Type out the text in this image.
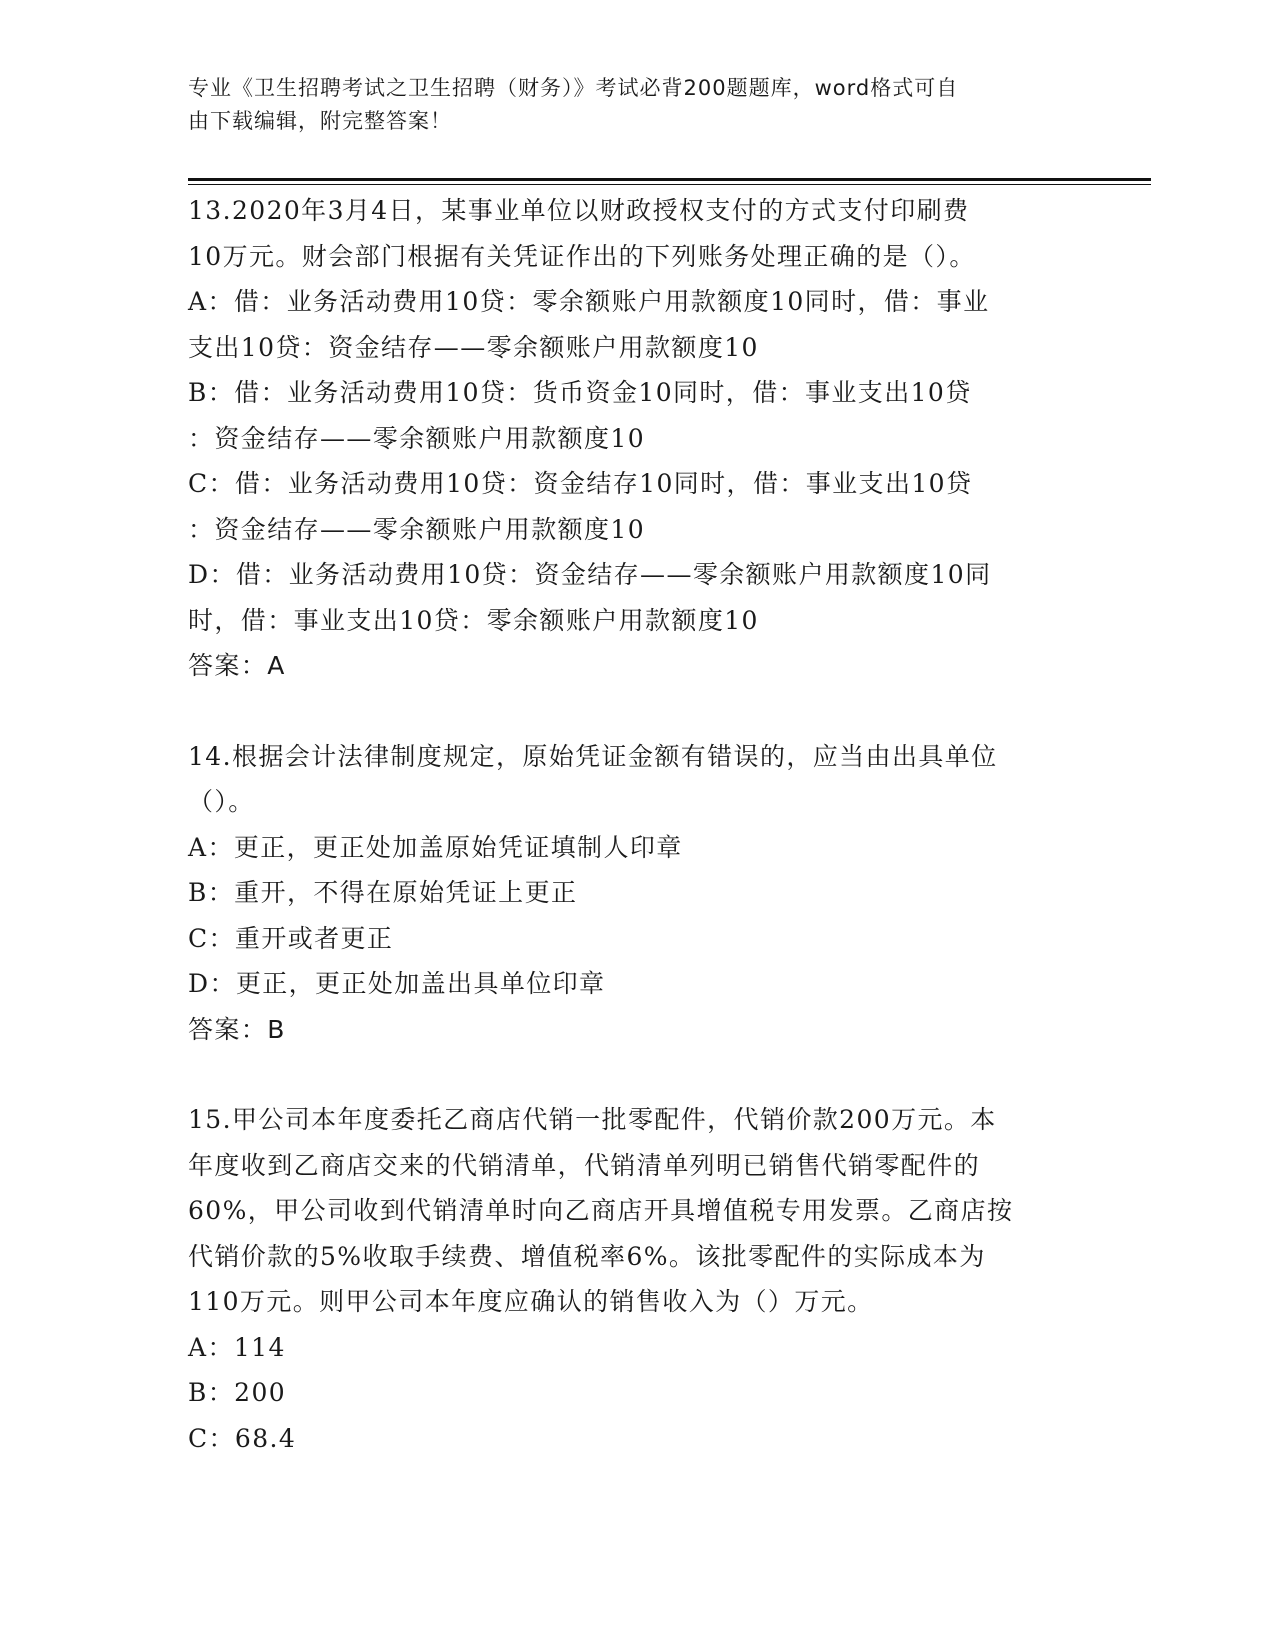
专业《卫生招聘考试之卫生招聘（财务）》考试必背200题题库，word格式可自
由下载编辑，附完整答案！

13.2020年3月4日，某事业单位以财政授权支付的方式支付印刷费

10万元。财会部门根据有关凭证作出的下列账务处理正确的是（）。

A：借：业务活动费用10贷：零余额账户用款额度10同时，借：事业

支出10贷：资金结存——零余额账户用款额度10

B：借：业务活动费用10贷：货币资金10同时，借：事业支出10贷

：资金结存——零余额账户用款额度10

C：借：业务活动费用10贷：资金结存10同时，借：事业支出10贷

：资金结存——零余额账户用款额度10

D：借：业务活动费用10贷：资金结存——零余额账户用款额度10同

时，借：事业支出10贷：零余额账户用款额度10

答案：A

14.根据会计法律制度规定，原始凭证金额有错误的，应当由出具单位

（）。

A：更正，更正处加盖原始凭证填制人印章

B：重开，不得在原始凭证上更正

C：重开或者更正

D：更正，更正处加盖出具单位印章

答案：B

15.甲公司本年度委托乙商店代销一批零配件，代销价款200万元。本

年度收到乙商店交来的代销清单，代销清单列明已销售代销零配件的

60%，甲公司收到代销清单时向乙商店开具增值税专用发票。乙商店按

代销价款的5%收取手续费、增值税率6%。该批零配件的实际成本为

110万元。则甲公司本年度应确认的销售收入为（）万元。

A：114

B：200

C：68.4
